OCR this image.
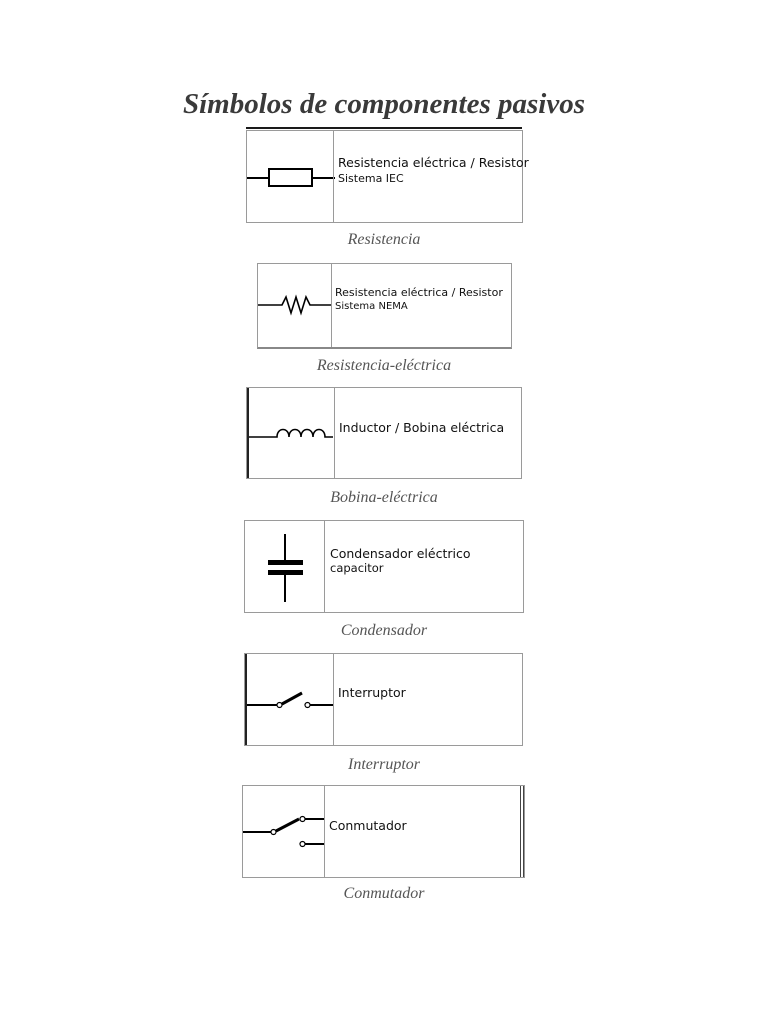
Símbolos de componentes pasivos
Resistencia eléctrica / Resistor
Sistema IEC
Resistencia
Resistencia eléctrica / Resistor
Sistema NEMA
Resistencia-eléctrica
Inductor / Bobina eléctrica
Bobina-eléctrica
Condensador eléctrico
capacitor
Condensador
Interruptor
Interruptor
Conmutador
Conmutador
